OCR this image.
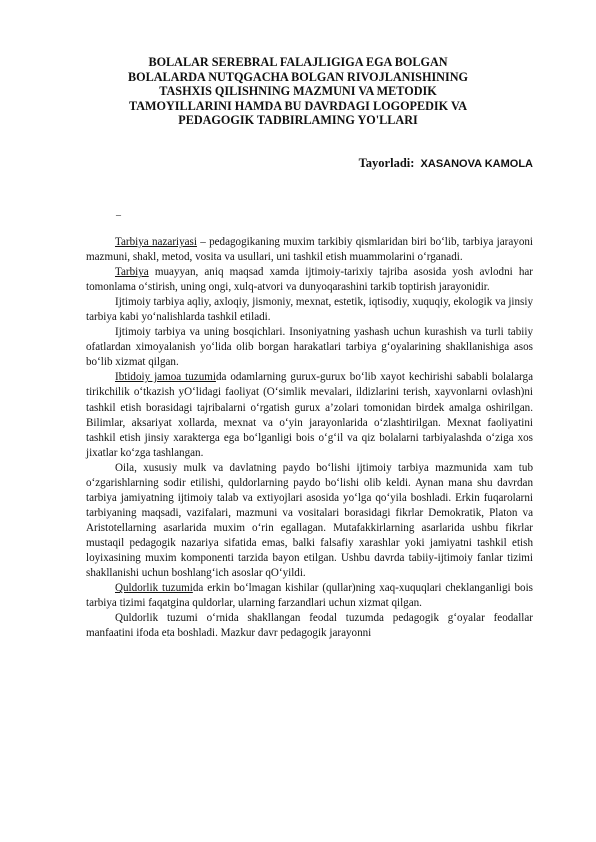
BOLALAR SEREBRAL FALAJLIGIGA EGA BOLGAN
BOLALARDA NUTQGACHA BOLGAN RIVOJLANISHINING
TASHXIS QILISHNING MAZMUNI VA METODIK
TAMOYILLARINI HAMDA BU DAVRDAGI LOGOPEDIK VA
PEDAGOGIK TADBIRLAMING YO'LLARI
Tayorladi: XASANOVA KAMOLA
_

Tarbiya nazariyasi – pedagogikaning muxim tarkibiy qismlaridan biri bo‘lib, tarbiya jarayoni mazmuni, shakl, metod, vosita va usullari, uni tashkil etish muammolarini o‘rganadi.

Tarbiya muayyan, aniq maqsad xamda ijtimoiy-tarixiy tajriba asosida yosh avlodni har tomonlama o‘stirish, uning ongi, xulq-atvori va dunyoqarashini tarkib toptirish jarayonidir.

Ijtimoiy tarbiya aqliy, axloqiy, jismoniy, mexnat, estetik, iqtisodiy, xuquqiy, ekologik va jinsiy tarbiya kabi yo‘nalishlarda tashkil etiladi.

Ijtimoiy tarbiya va uning bosqichlari. Insoniyatning yashash uchun kurashish va turli tabiiy ofatlardan ximoyalanish yo‘lida olib borgan harakatlari tarbiya g‘oyalarining shakllanishiga asos bo‘lib xizmat qilgan.

Ibtidoiy jamoa tuzumida odamlarning gurux-gurux bo‘lib xayot kechirishi sababli bolalarga tirikchilik o‘tkazish yO‘lidagi faoliyat (O‘simlik mevalari, ildizlarini terish, xayvonlarni ovlash)ni tashkil etish borasidagi tajribalarni o‘rgatish gurux a’zolari tomonidan birdek amalga oshirilgan. Bilimlar, aksariyat xollarda, mexnat va o‘yin jarayonlarida o‘zlashtirilgan. Mexnat faoliyatini tashkil etish jinsiy xarakterga ega bo‘lganligi bois o‘g‘il va qiz bolalarni tarbiyalashda o‘ziga xos jixatlar ko‘zga tashlangan.

Oila, xususiy mulk va davlatning paydo bo‘lishi ijtimoiy tarbiya mazmunida xam tub o‘zgarishlarning sodir etilishi, quldorlarning paydo bo‘lishi olib keldi. Aynan mana shu davrdan tarbiya jamiyatning ijtimoiy talab va extiyojlari asosida yo‘lga qo‘yila boshladi. Erkin fuqarolarni tarbiyaning maqsadi, vazifalari, mazmuni va vositalari borasidagi fikrlar Demokratik, Platon va Aristotellarning asarlarida muxim o‘rin egallagan. Mutafakkirlarning asarlarida ushbu fikrlar mustaqil pedagogik nazariya sifatida emas, balki falsafiy xarashlar yoki jamiyatni tashkil etish loyixasining muxim komponenti tarzida bayon etilgan. Ushbu davrda tabiiy-ijtimoiy fanlar tizimi shakllanishi uchun boshlang‘ich asoslar qO‘yildi.

Quldorlik tuzumida erkin bo‘lmagan kishilar (qullar)ning xaq-xuquqlari cheklanganligi bois tarbiya tizimi faqatgina quldorlar, ularning farzandlari uchun xizmat qilgan.

Quldorlik tuzumi o‘rnida shakllangan feodal tuzumda pedagogik g‘oyalar feodallar manfaatini ifoda eta boshladi. Mazkur davr pedagogik jarayonni
